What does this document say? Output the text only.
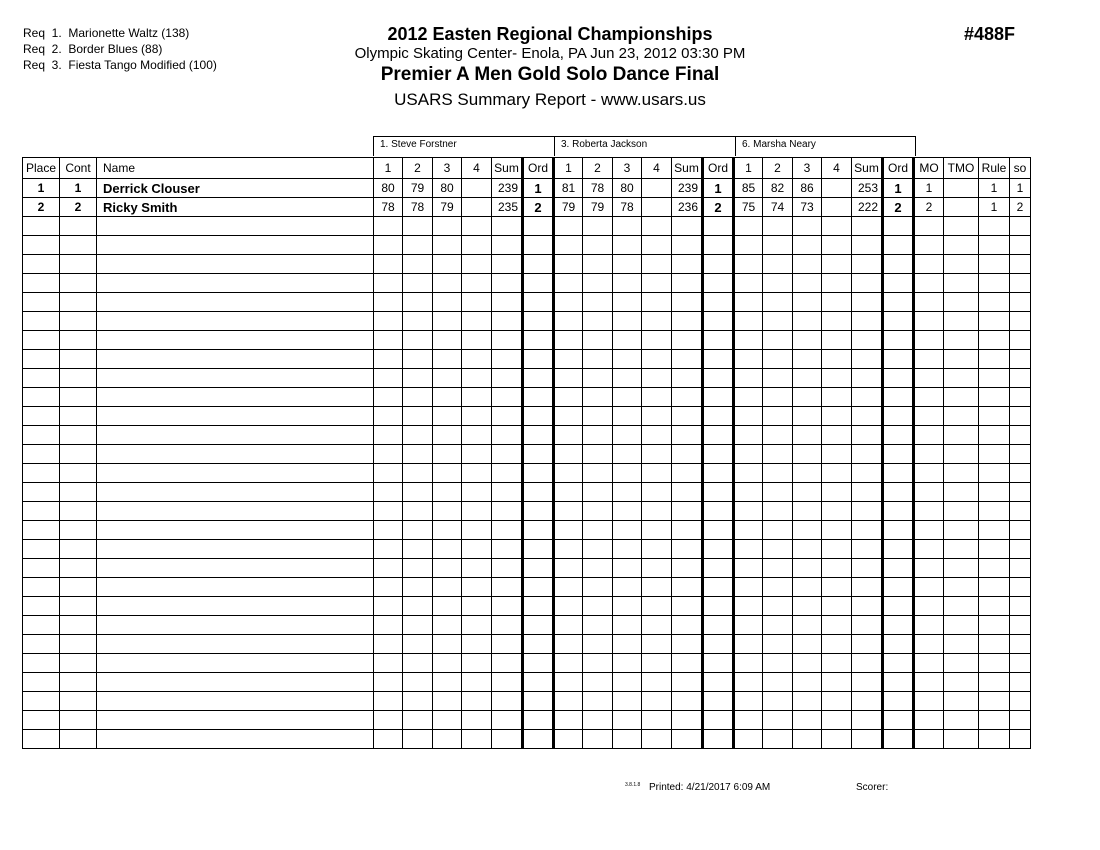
Req  1.  Marionette Waltz (138)
Req  2.  Border Blues (88)
Req  3.  Fiesta Tango Modified (100)
2012 Easten Regional Championships
Olympic Skating Center- Enola, PA Jun 23, 2012 03:30 PM
Premier A Men Gold Solo Dance Final
USARS Summary Report - www.usars.us
#488F
1. Steve Forstner	3. Roberta Jackson	6. Marsha Neary
Place	Cont	Name	1	2	3	4	Sum	Ord	1	2	3	4	Sum	Ord	1	2	3	4	Sum	Ord	MO	TMO	Rule	so
1	1	Derrick Clouser	80	79	80		239	1	81	78	80		239	1	85	82	86		253	1	1		1	1
2	2	Ricky Smith	78	78	79		235	2	79	79	78		236	2	75	74	73		222	2	2		1	2

3.8.1.8 Printed: 4/21/2017 6:09 AM	Scorer:
